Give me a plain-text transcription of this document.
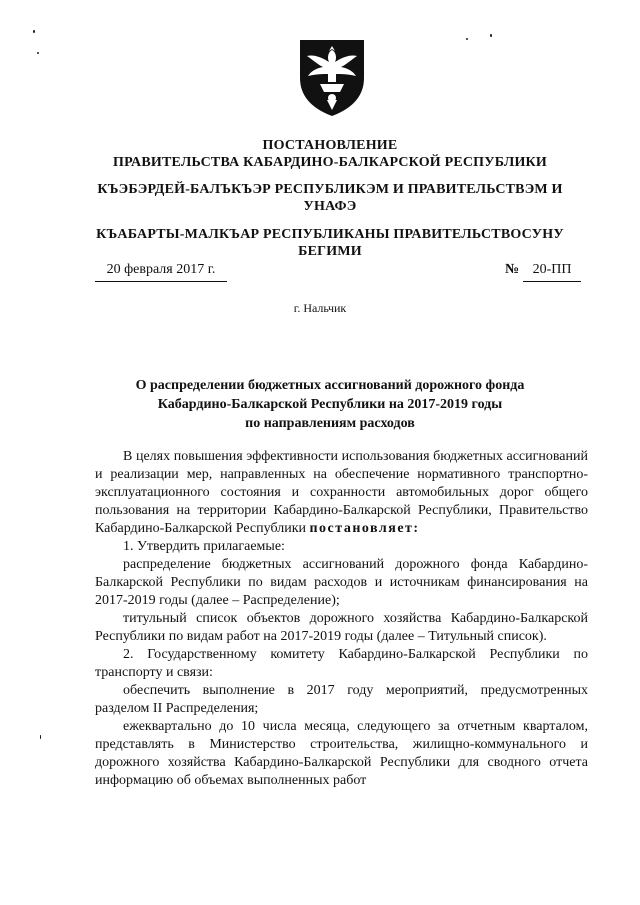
ПОСТАНОВЛЕНИЕ
ПРАВИТЕЛЬСТВА КАБАРДИНО-БАЛКАРСКОЙ РЕСПУБЛИКИ
КЪЭБЭРДЕЙ-БАЛЪКЪЭР РЕСПУБЛИКЭМ И ПРАВИТЕЛЬСТВЭМ И
УНАФЭ
КЪАБАРТЫ-МАЛКЪАР РЕСПУБЛИКАНЫ ПРАВИТЕЛЬСТВОСУНУ
БЕГИМИ
20 февраля 2017 г.	№ 20-ПП
г. Нальчик
О распределении бюджетных ассигнований дорожного фонда
Кабардино-Балкарской Республики на 2017-2019 годы
по направлениям расходов

В целях повышения эффективности использования бюджетных ассигнований и реализации мер, направленных на обеспечение нормативного транспортно-эксплуатационного состояния и сохранности автомобильных дорог общего пользования на территории Кабардино-Балкарской Республики, Правительство Кабардино-Балкарской Республики постановляет:

1. Утвердить прилагаемые:

распределение бюджетных ассигнований дорожного фонда Кабардино-Балкарской Республики по видам расходов и источникам финансирования на 2017-2019 годы (далее – Распределение);

титульный список объектов дорожного хозяйства Кабардино-Балкарской Республики по видам работ на 2017-2019 годы (далее – Титульный список).

2. Государственному комитету Кабардино-Балкарской Республики по транспорту и связи:

обеспечить выполнение в 2017 году мероприятий, предусмотренных разделом II Распределения;

ежеквартально до 10 числа месяца, следующего за отчетным кварталом, представлять в Министерство строительства, жилищно-коммунального и дорожного хозяйства Кабардино-Балкарской Республики для сводного отчета информацию об объемах выполненных работ
